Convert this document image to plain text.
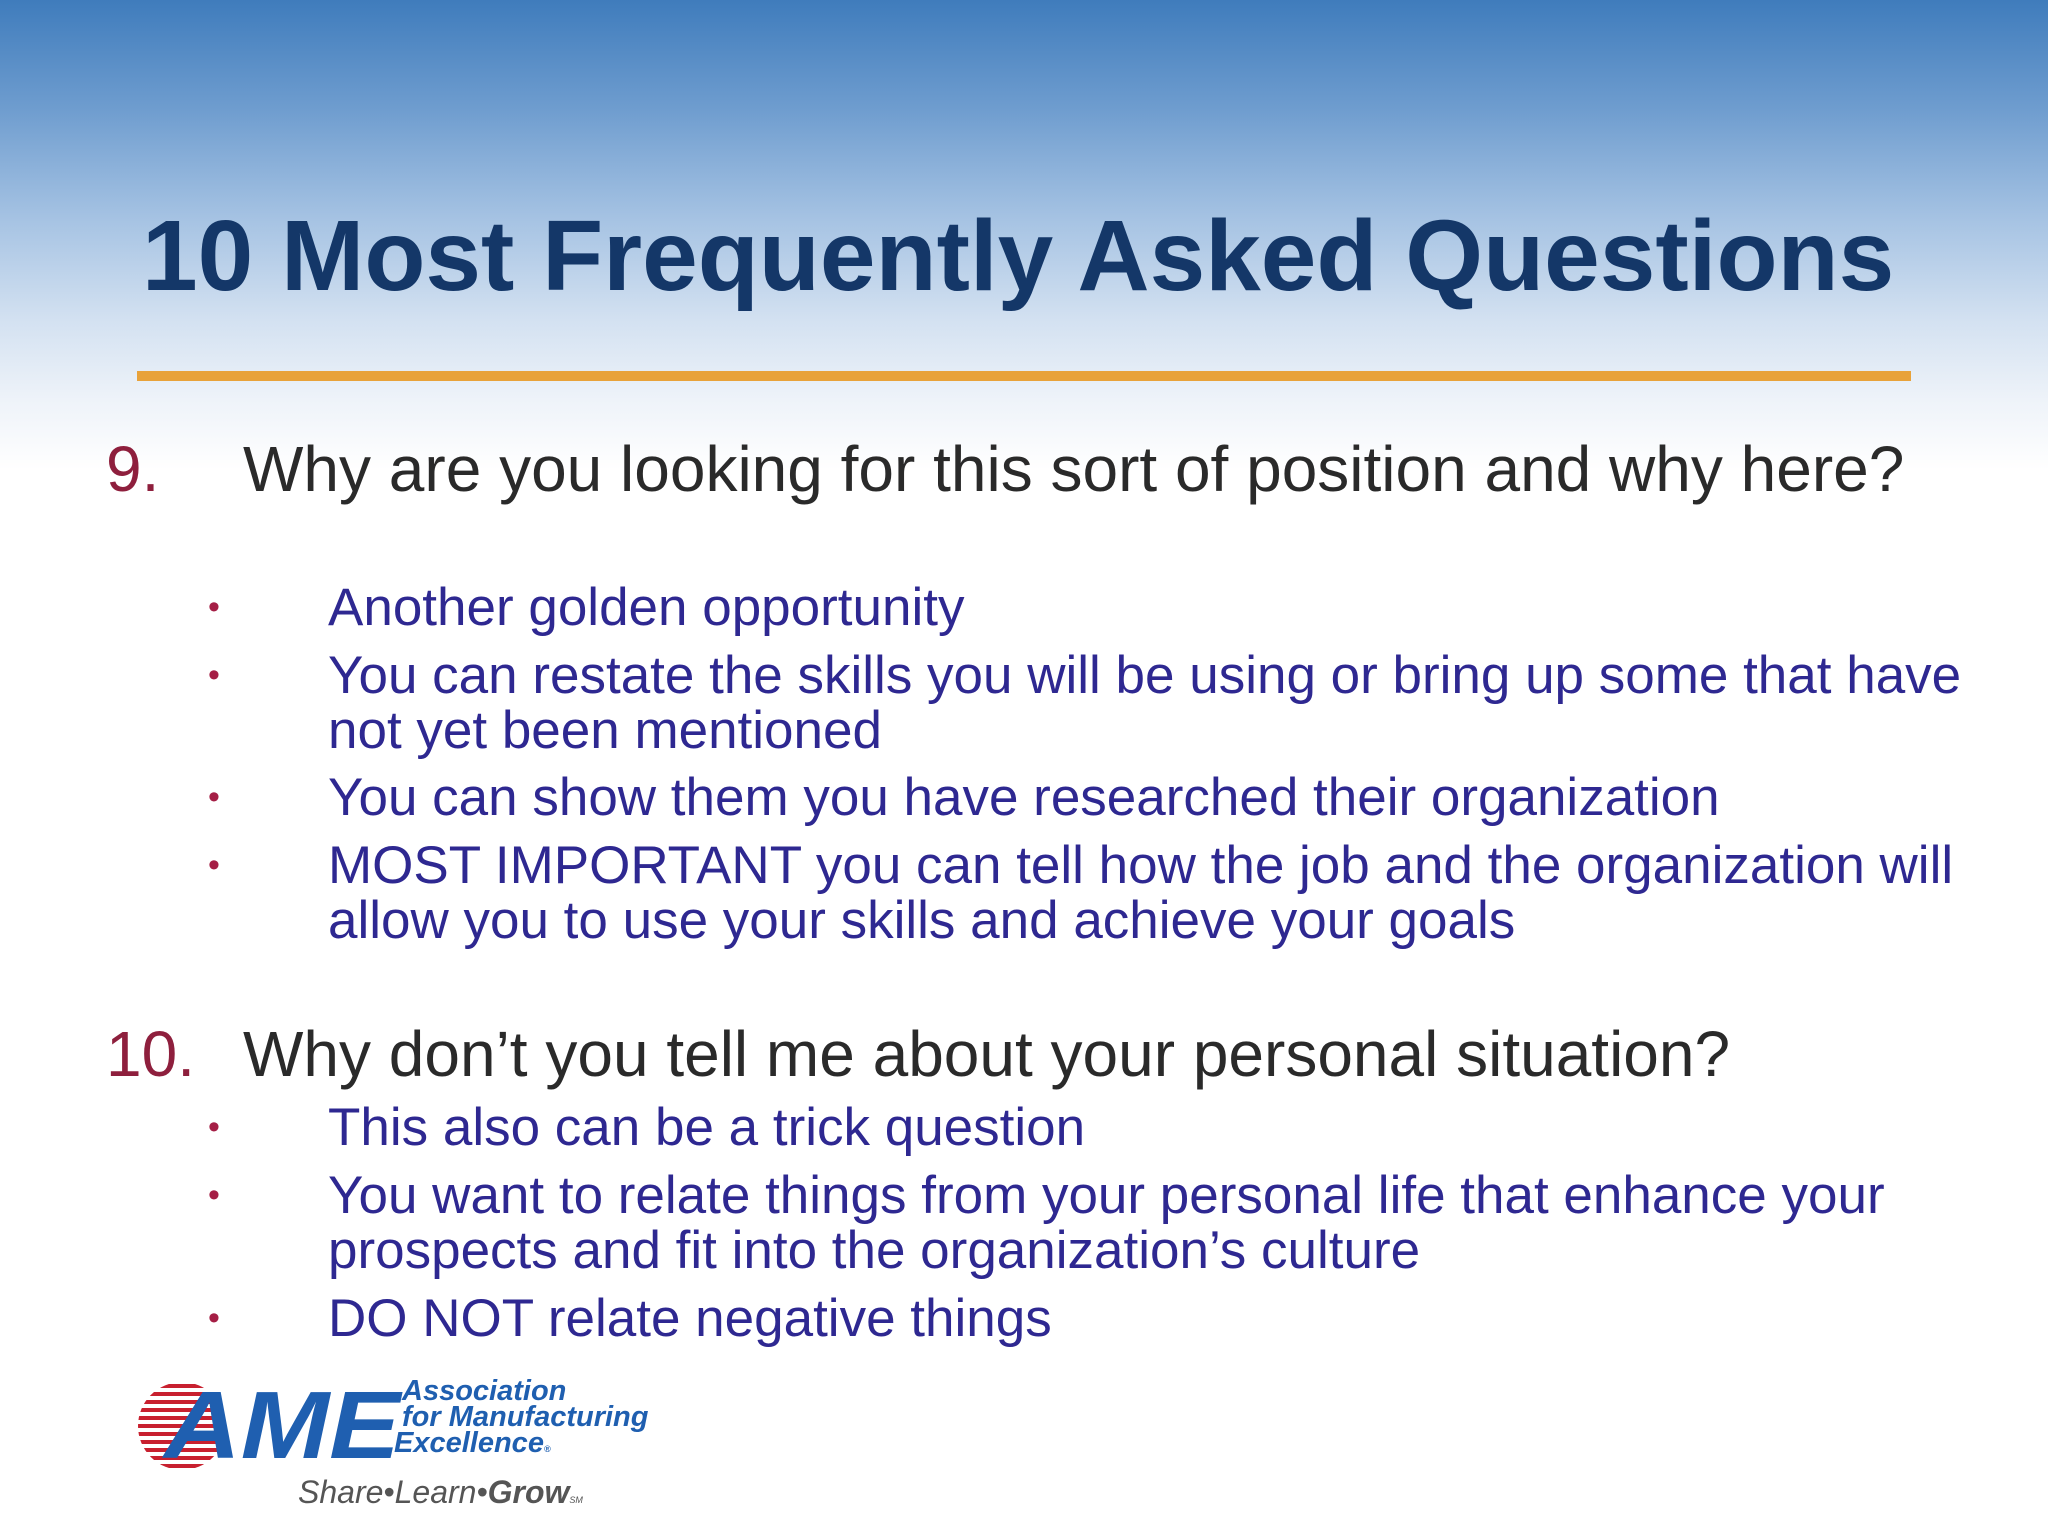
10 Most Frequently Asked Questions
9. Why are you looking for this sort of position and why here?

• Another golden opportunity

• You can restate the skills you will be using or bring up some that have not yet been mentioned

• You can show them you have researched their organization

• MOST IMPORTANT you can tell how the job and the organization will allow you to use your skills and achieve your goals

10. Why don’t you tell me about your personal situation?

• This also can be a trick question

• You want to relate things from your personal life that enhance your prospects and fit into the organization’s culture

• DO NOT relate negative things

AME
Association
for Manufacturing
Excellence®
Share•Learn•GrowSM
